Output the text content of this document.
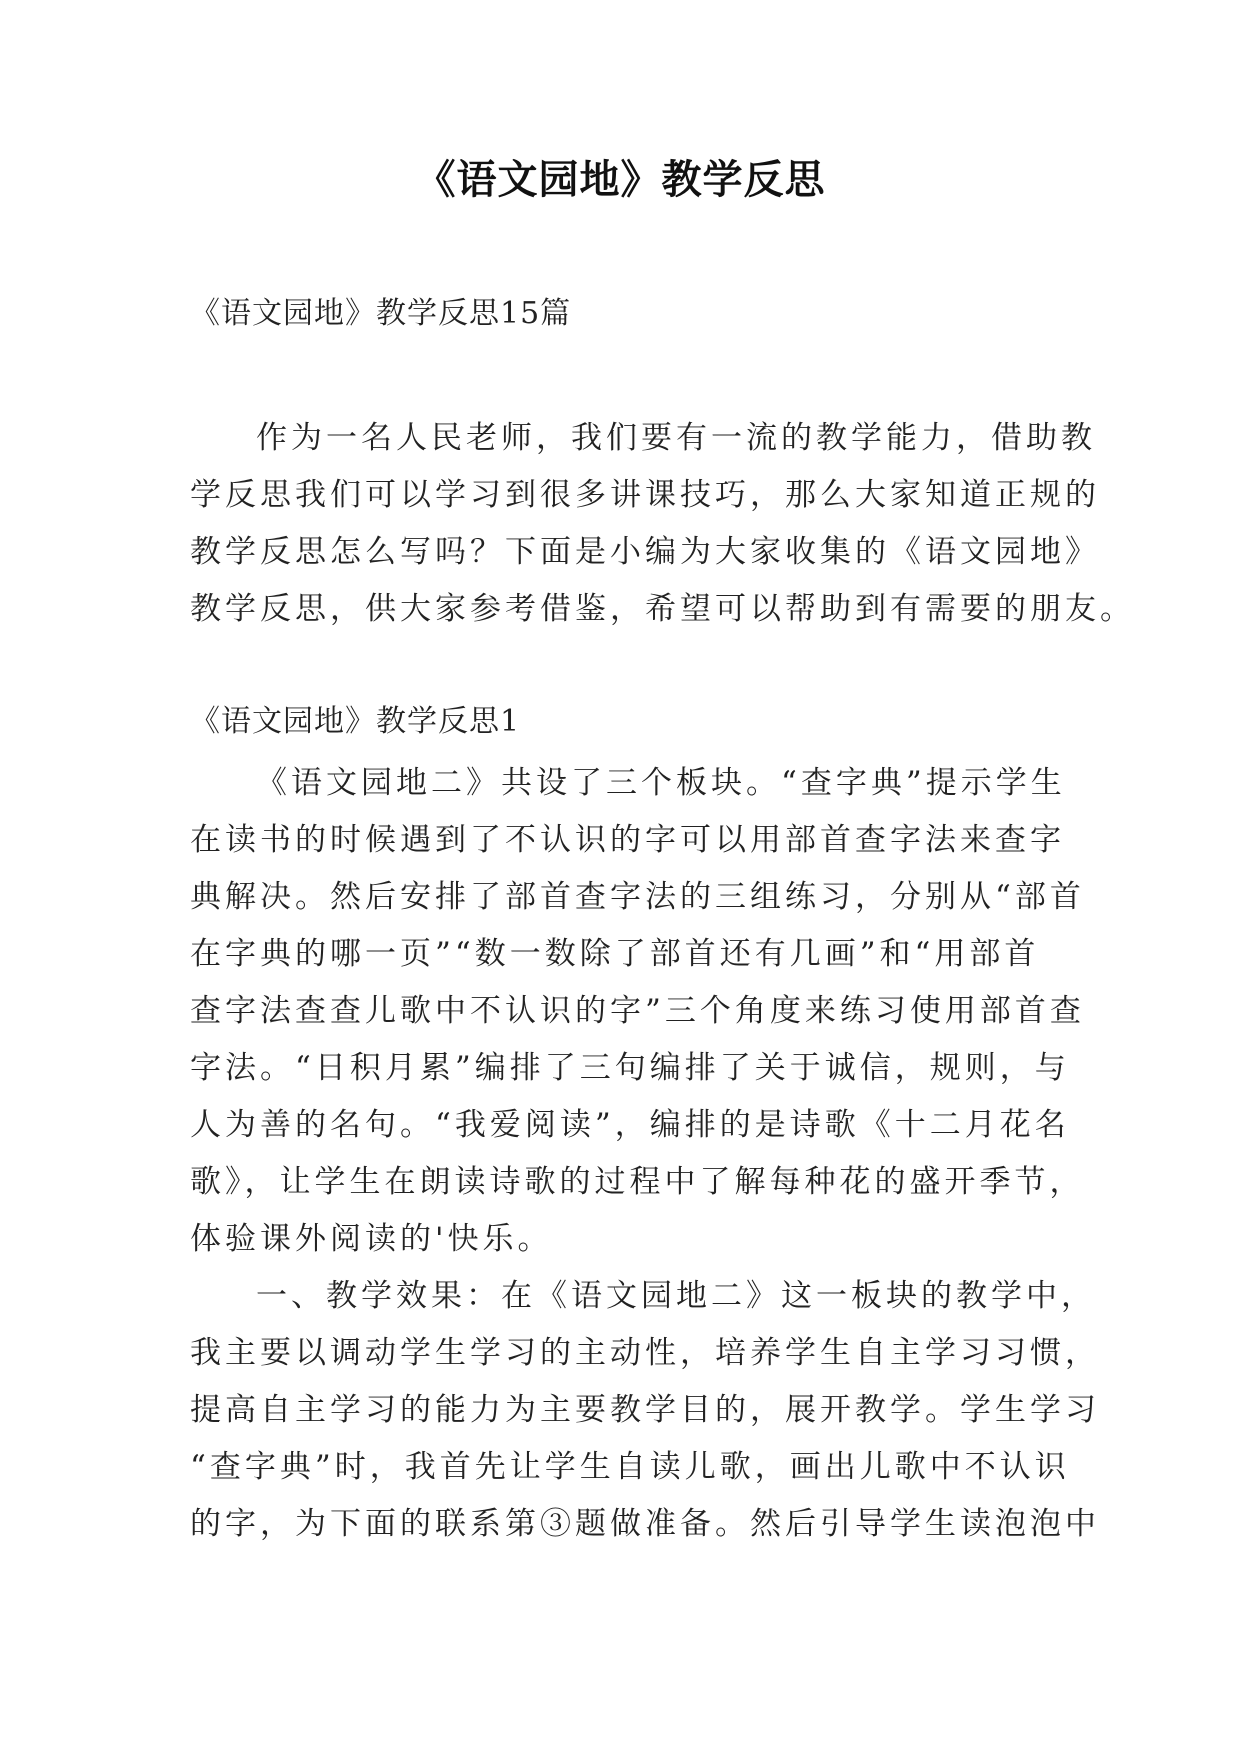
《语文园地》教学反思

《语文园地》教学反思15篇

作为一名人民老师，我们要有一流的教学能力，借助教
学反思我们可以学习到很多讲课技巧，那么大家知道正规的
教学反思怎么写吗？下面是小编为大家收集的《语文园地》
教学反思，供大家参考借鉴，希望可以帮助到有需要的朋友。

《语文园地》教学反思1

《语文园地二》共设了三个板块。“查字典”提示学生
在读书的时候遇到了不认识的字可以用部首查字法来查字
典解决。然后安排了部首查字法的三组练习，分别从“部首
在字典的哪一页”“数一数除了部首还有几画”和“用部首
查字法查查儿歌中不认识的字”三个角度来练习使用部首查
字法。“日积月累”编排了三句编排了关于诚信，规则，与
人为善的名句。“我爱阅读”，编排的是诗歌《十二月花名
歌》，让学生在朗读诗歌的过程中了解每种花的盛开季节，
体验课外阅读的'快乐。

一、教学效果：在《语文园地二》这一板块的教学中，
我主要以调动学生学习的主动性，培养学生自主学习习惯，
提高自主学习的能力为主要教学目的，展开教学。学生学习
“查字典”时，我首先让学生自读儿歌，画出儿歌中不认识
的字，为下面的联系第③题做准备。然后引导学生读泡泡中
